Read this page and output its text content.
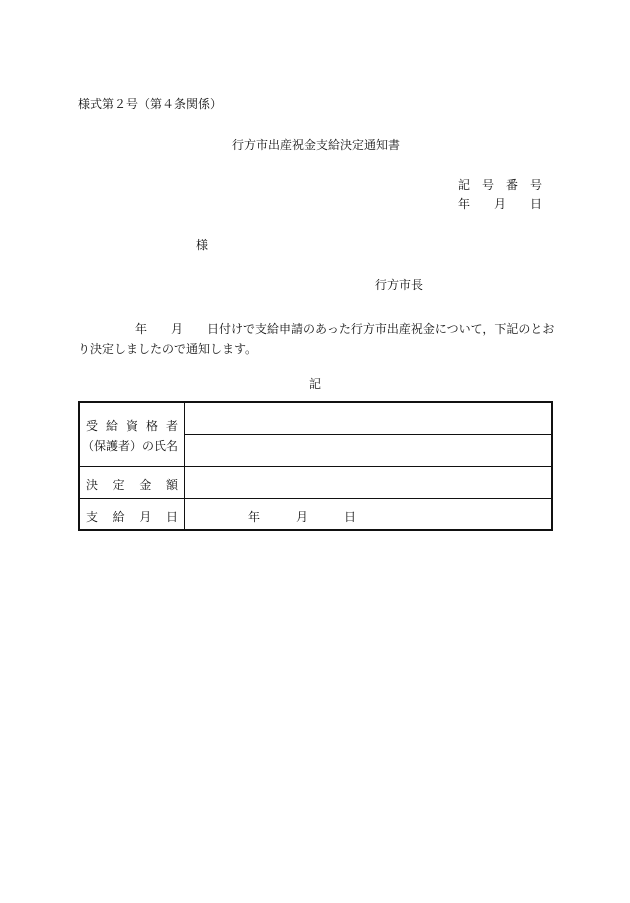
様式第２号（第４条関係）
行方市出産祝金支給決定通知書
記 号 番 号
年 月 日
様
行方市長
年 月 日付けで支給申請のあった行方市出産祝金について，下記のとお
り決定しましたので通知します。
記
受 給 資 格 者
（保護者）の氏名
決 定 金 額
支 給 月 日	年	月	日
